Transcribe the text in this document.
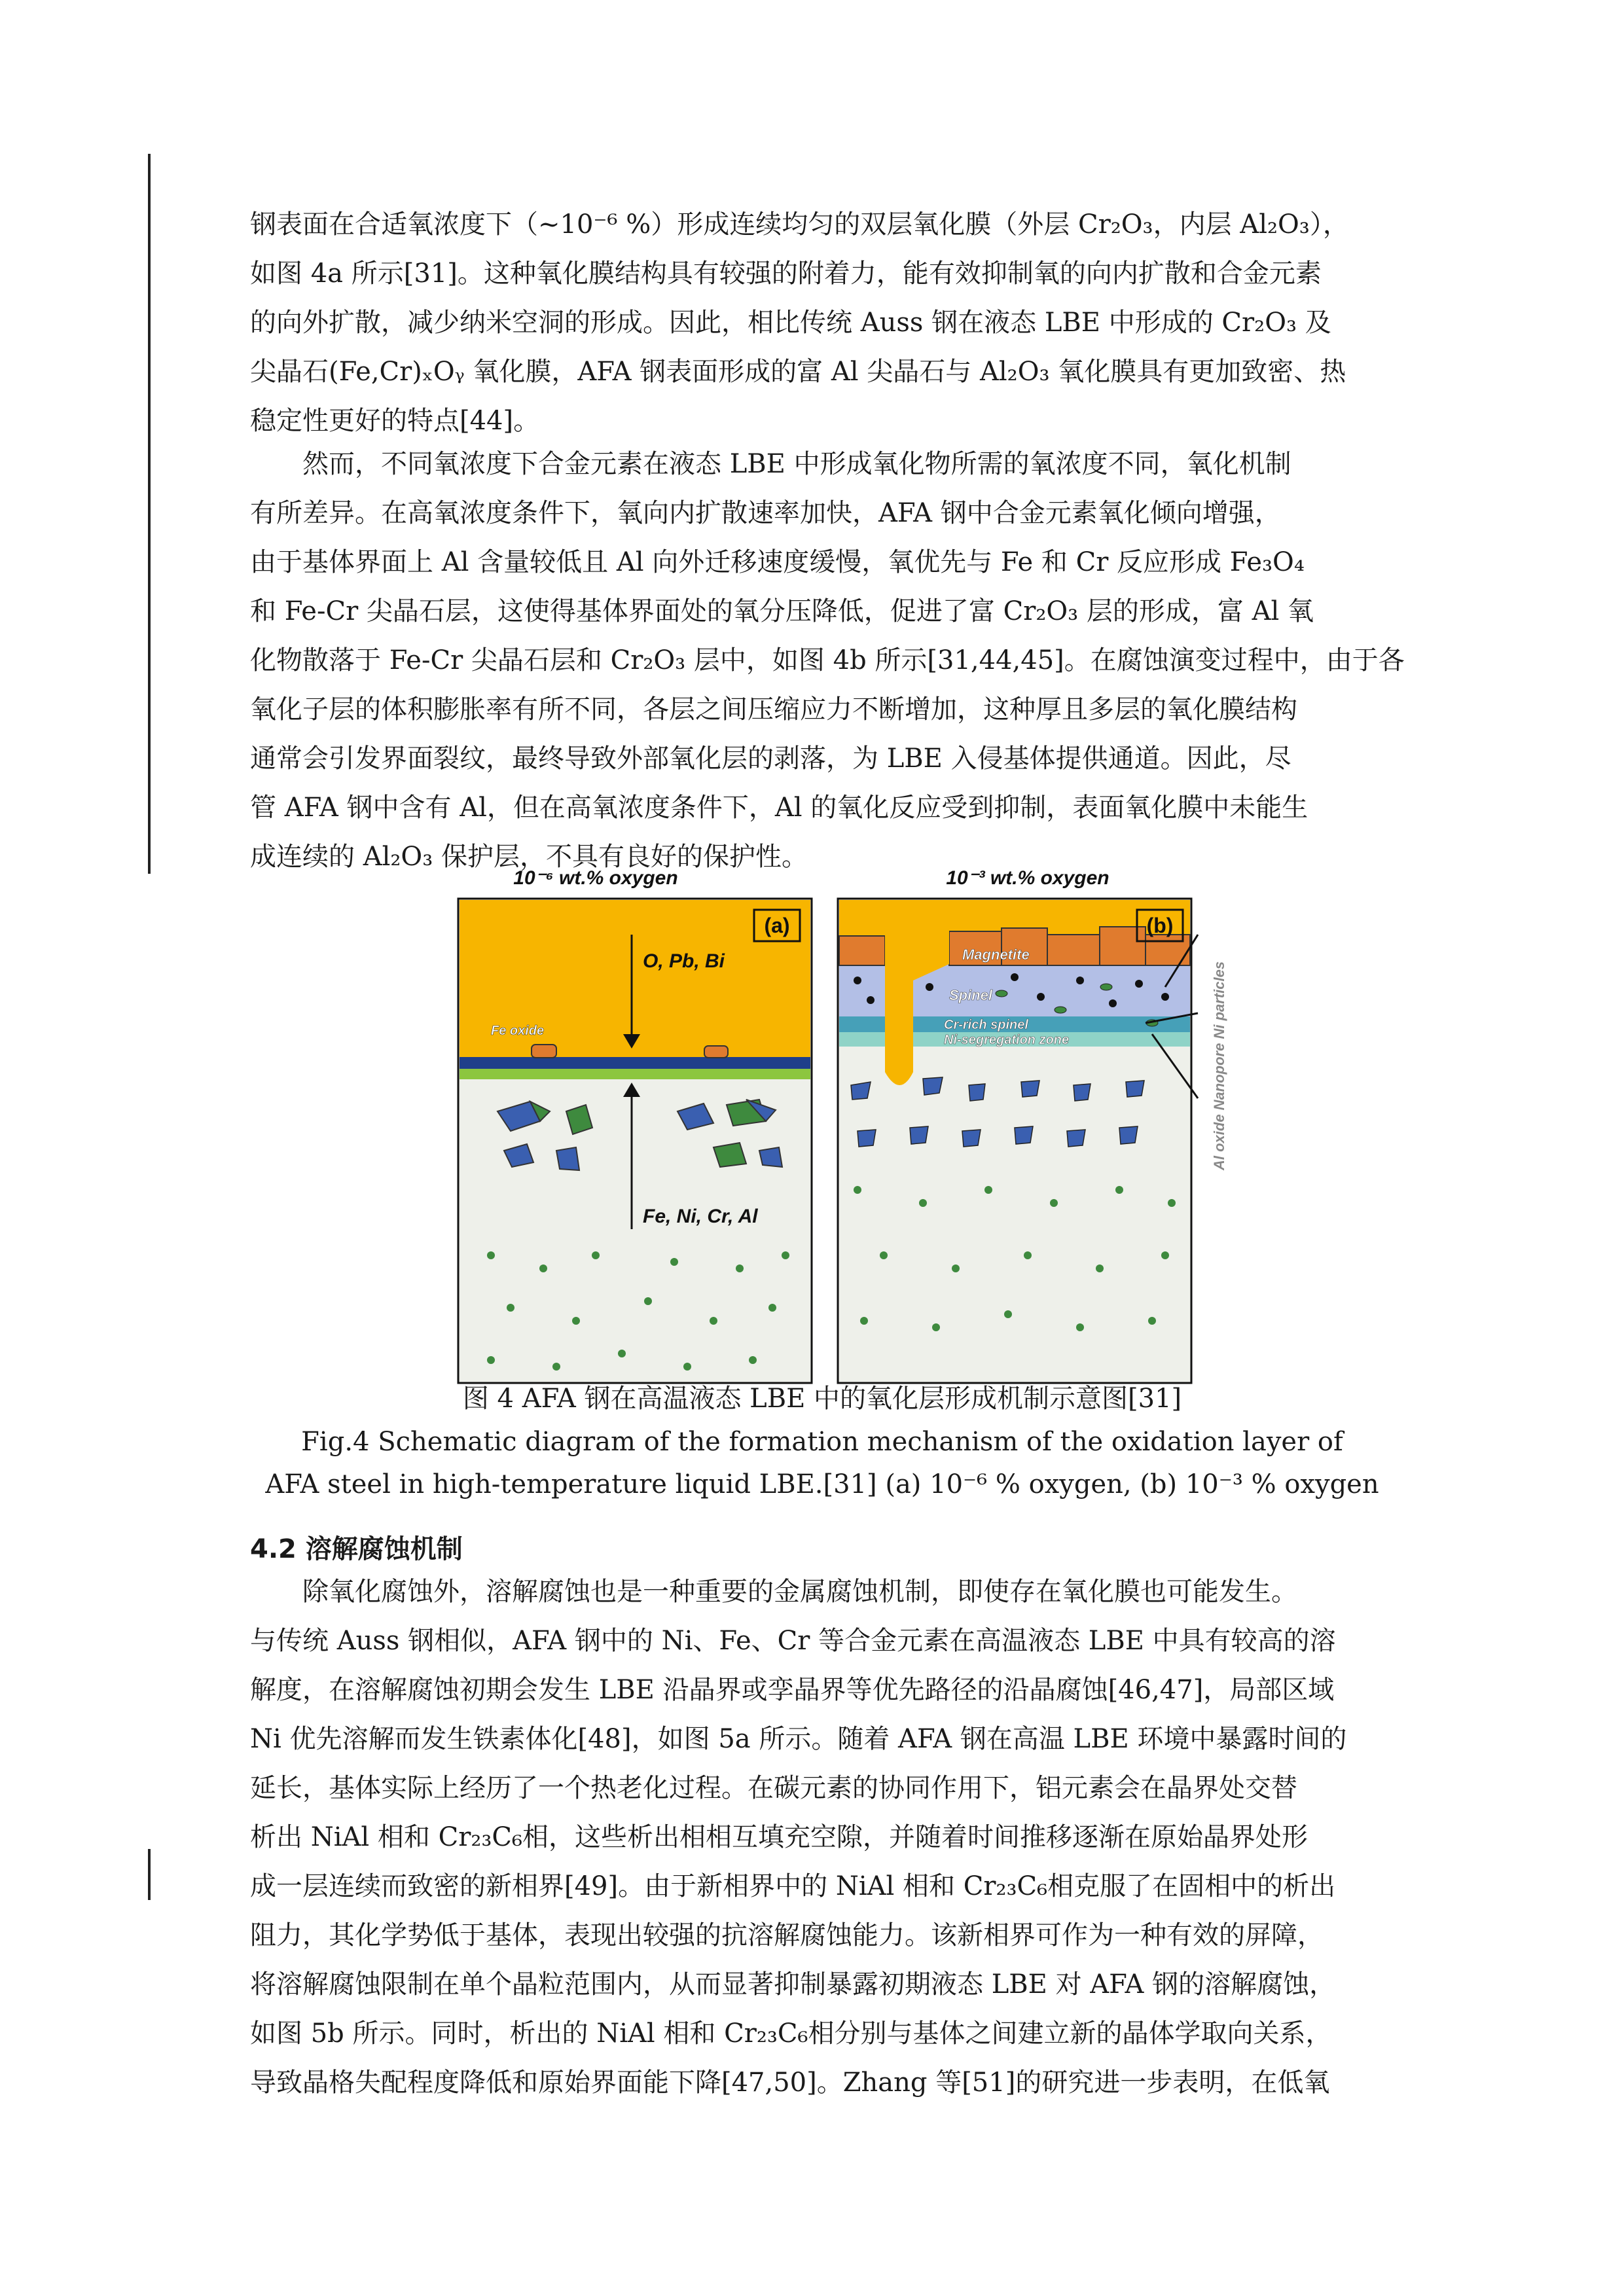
钢表面在合适氧浓度下（~10⁻⁶ %）形成连续均匀的双层氧化膜（外层 Cr₂O₃，内层 Al₂O₃），
如图 4a 所示[31]。这种氧化膜结构具有较强的附着力，能有效抑制氧的向内扩散和合金元素
的向外扩散，减少纳米空洞的形成。因此，相比传统 Auss 钢在液态 LBE 中形成的 Cr₂O₃ 及
尖晶石(Fe,Cr)ₓOᵧ 氧化膜，AFA 钢表面形成的富 Al 尖晶石与 Al₂O₃ 氧化膜具有更加致密、热
稳定性更好的特点[44]。
然而，不同氧浓度下合金元素在液态 LBE 中形成氧化物所需的氧浓度不同，氧化机制
有所差异。在高氧浓度条件下，氧向内扩散速率加快，AFA 钢中合金元素氧化倾向增强，
由于基体界面上 Al 含量较低且 Al 向外迁移速度缓慢，氧优先与 Fe 和 Cr 反应形成 Fe₃O₄
和 Fe-Cr 尖晶石层，这使得基体界面处的氧分压降低，促进了富 Cr₂O₃ 层的形成，富 Al 氧
化物散落于 Fe-Cr 尖晶石层和 Cr₂O₃ 层中，如图 4b 所示[31,44,45]。在腐蚀演变过程中，由于各
氧化子层的体积膨胀率有所不同，各层之间压缩应力不断增加，这种厚且多层的氧化膜结构
通常会引发界面裂纹，最终导致外部氧化层的剥落，为 LBE 入侵基体提供通道。因此，尽
管 AFA 钢中含有 Al，但在高氧浓度条件下，Al 的氧化反应受到抑制，表面氧化膜中未能生
成连续的 Al₂O₃ 保护层，不具有良好的保护性。
10⁻⁶ wt.% oxygen
Fe oxide
(a)
O, Pb, Bi
Fe, Ni, Cr, Al
10⁻³ wt.% oxygen
(b)
Magnetite
Spinel
Cr-rich spinel
Ni-segregation zone	Al oxide Nanopore Ni particles
图 4 AFA 钢在高温液态 LBE 中的氧化层形成机制示意图[31]
Fig.4 Schematic diagram of the formation mechanism of the oxidation layer of
AFA steel in high-temperature liquid LBE.[31] (a) 10⁻⁶ % oxygen, (b) 10⁻³ % oxygen
4.2 溶解腐蚀机制
除氧化腐蚀外，溶解腐蚀也是一种重要的金属腐蚀机制，即使存在氧化膜也可能发生。
与传统 Auss 钢相似，AFA 钢中的 Ni、Fe、Cr 等合金元素在高温液态 LBE 中具有较高的溶
解度，在溶解腐蚀初期会发生 LBE 沿晶界或孪晶界等优先路径的沿晶腐蚀[46,47]，局部区域
Ni 优先溶解而发生铁素体化[48]，如图 5a 所示。随着 AFA 钢在高温 LBE 环境中暴露时间的
延长，基体实际上经历了一个热老化过程。在碳元素的协同作用下，铝元素会在晶界处交替
析出 NiAl 相和 Cr₂₃C₆相，这些析出相相互填充空隙，并随着时间推移逐渐在原始晶界处形
成一层连续而致密的新相界[49]。由于新相界中的 NiAl 相和 Cr₂₃C₆相克服了在固相中的析出
阻力，其化学势低于基体，表现出较强的抗溶解腐蚀能力。该新相界可作为一种有效的屏障，
将溶解腐蚀限制在单个晶粒范围内，从而显著抑制暴露初期液态 LBE 对 AFA 钢的溶解腐蚀，
如图 5b 所示。同时，析出的 NiAl 相和 Cr₂₃C₆相分别与基体之间建立新的晶体学取向关系，
导致晶格失配程度降低和原始界面能下降[47,50]。Zhang 等[51]的研究进一步表明，在低氧
